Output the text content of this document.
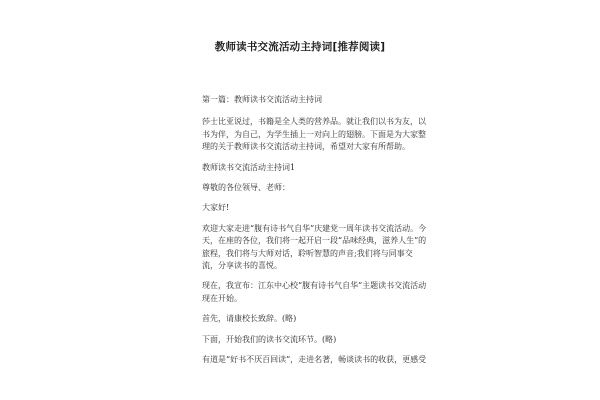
教师读书交流活动主持词[推荐阅读]

第一篇：教师读书交流活动主持词

莎士比亚说过，书籍是全人类的营养品。就让我们以书为友，以书为伴，为自己，为学生插上一对向上的翅膀。下面是为大家整理的关于教师读书交流活动主持词，希望对大家有所帮助。

教师读书交流活动主持词1

尊敬的各位领导、老师：

大家好!

欢迎大家走进“腹有诗书气自华”庆建党一周年读书交流活动。今天，在座的各位，我们将一起开启一段“品味经典，滋养人生”的旅程，我们将与大师对话，聆听智慧的声音;我们将与同事交流，分享读书的喜悦。

现在，我宣布：江东中心校“腹有诗书气自华”主题读书交流活动现在开始。

首先，请康校长致辞。(略)

下面，开始我们的读书交流环节。(略)

有道是“好书不厌百回读”，走进名著，畅谈读书的收获，更感受
